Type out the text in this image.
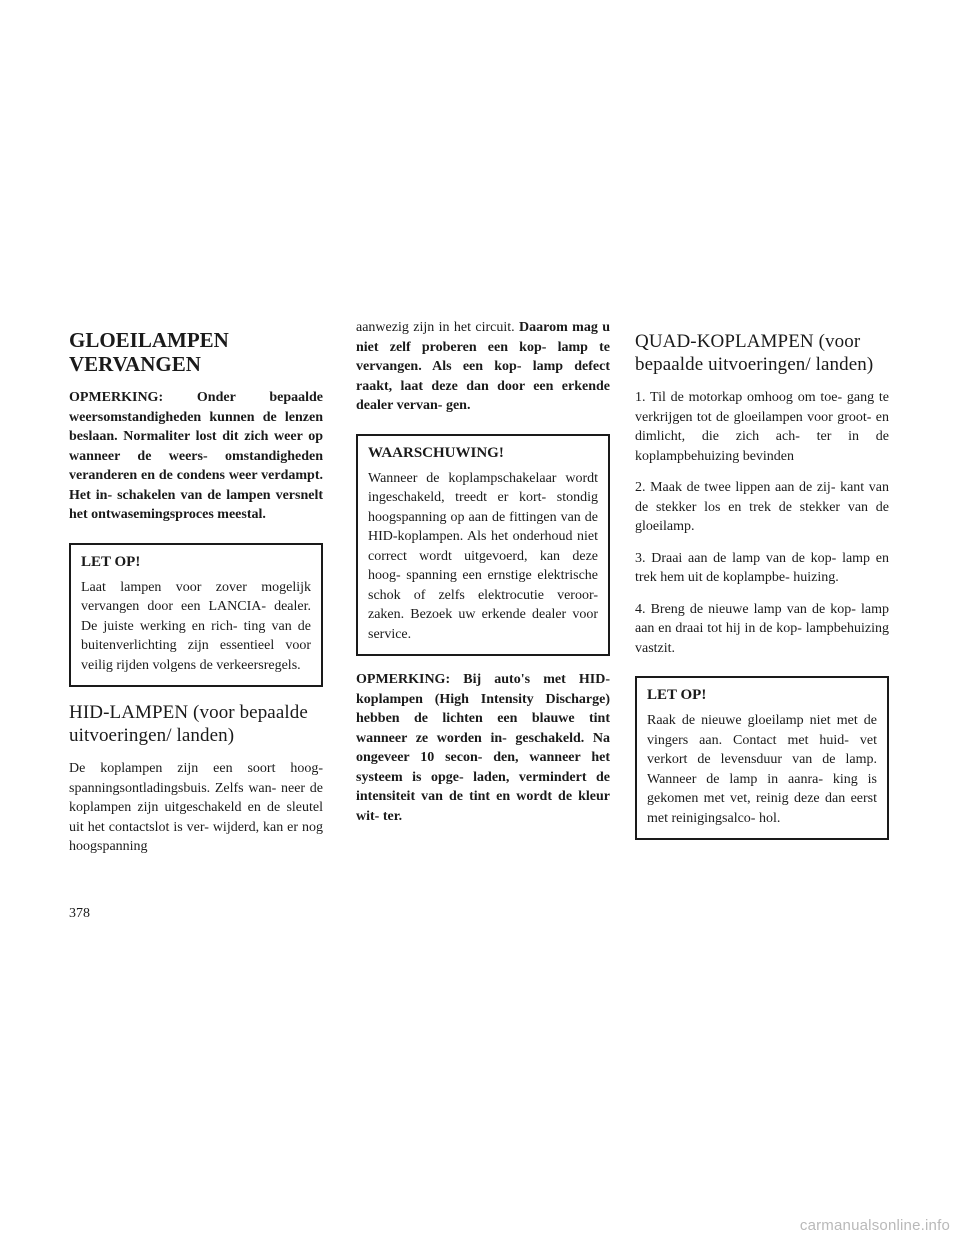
GLOEILAMPEN VERVANGEN

OPMERKING: Onder bepaalde weersomstandigheden kunnen de lenzen beslaan. Normaliter lost dit zich weer op wanneer de weers- omstandigheden veranderen en de condens weer verdampt. Het in- schakelen van de lampen versnelt het ontwasemingsproces meestal.

LET OP!

Laat lampen voor zover mogelijk vervangen door een LANCIA- dealer. De juiste werking en rich- ting van de buitenverlichting zijn essentieel voor veilig rijden volgens de verkeersregels.

HID-LAMPEN (voor bepaalde uitvoeringen/ landen)

De koplampen zijn een soort hoog- spanningsontladingsbuis. Zelfs wan- neer de koplampen zijn uitgeschakeld en de sleutel uit het contactslot is ver- wijderd, kan er nog hoogspanning

aanwezig zijn in het circuit. Daarom mag u niet zelf proberen een kop- lamp te vervangen. Als een kop- lamp defect raakt, laat deze dan door een erkende dealer vervan- gen.

WAARSCHUWING!

Wanneer de koplampschakelaar wordt ingeschakeld, treedt er kort- stondig hoogspanning op aan de fittingen van de HID-koplampen. Als het onderhoud niet correct wordt uitgevoerd, kan deze hoog- spanning een ernstige elektrische schok of zelfs elektrocutie veroor- zaken. Bezoek uw erkende dealer voor service.

OPMERKING: Bij auto's met HID-koplampen (High Intensity Discharge) hebben de lichten een blauwe tint wanneer ze worden in- geschakeld. Na ongeveer 10 secon- den, wanneer het systeem is opge- laden, vermindert de intensiteit van de tint en wordt de kleur wit- ter.

QUAD-KOPLAMPEN (voor bepaalde uitvoeringen/ landen)

1. Til de motorkap omhoog om toe- gang te verkrijgen tot de gloeilampen voor groot- en dimlicht, die zich ach- ter in de koplampbehuizing bevinden

2. Maak de twee lippen aan de zij- kant van de stekker los en trek de stekker van de gloeilamp.

3. Draai aan de lamp van de kop- lamp en trek hem uit de koplampbe- huizing.

4. Breng de nieuwe lamp van de kop- lamp aan en draai tot hij in de kop- lampbehuizing vastzit.

LET OP!

Raak de nieuwe gloeilamp niet met de vingers aan. Contact met huid- vet verkort de levensduur van de lamp. Wanneer de lamp in aanra- king is gekomen met vet, reinig deze dan eerst met reinigingsalco- hol.

378
carmanualsonline.info
